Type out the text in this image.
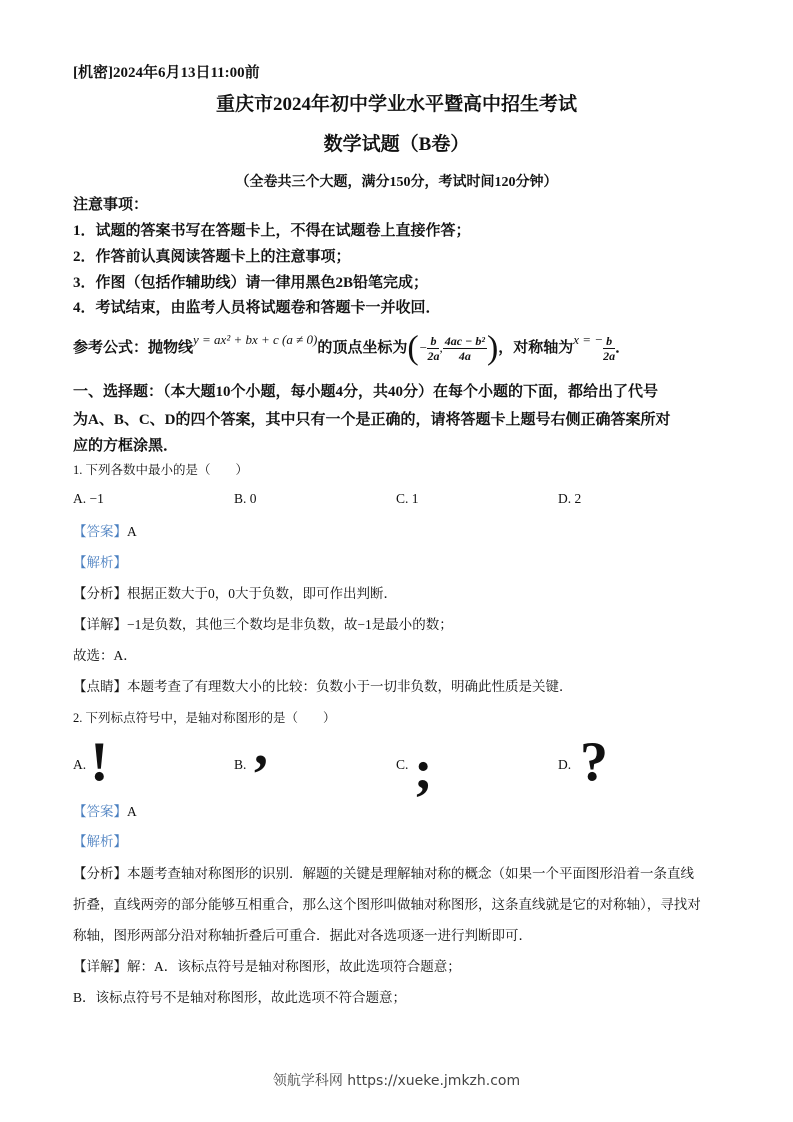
[机密]2024年6月13日11:00前
重庆市2024年初中学业水平暨高中招生考试
数学试题（B卷）
（全卷共三个大题，满分150分，考试时间120分钟）
注意事项：
1．试题的答案书写在答题卡上，不得在试题卷上直接作答；
2．作答前认真阅读答题卡上的注意事项；
3．作图（包括作辅助线）请一律用黑色2B铅笔完成；
4．考试结束，由监考人员将试题卷和答题卡一并收回．
参考公式：抛物线y = ax² + bx + c (a ≠ 0)的顶点坐标为(− $\frac{b}{2a}$ , $\frac{\text{4ac − b²}}{4a}$ )，对称轴为x = − $\frac{b}{2a}$ ．
一、选择题：（本大题10个小题，每小题4分，共40分）在每个小题的下面，都给出了代号
为A、B、C、D的四个答案，其中只有一个是正确的，请将答题卡上题号右侧正确答案所对
应的方框涂黑．
1. 下列各数中最小的是（　　）
A. −1	B. 0	C. 1	D. 2
【答案】A
【解析】
【分析】根据正数大于0，0大于负数，即可作出判断．
【详解】−1是负数，其他三个数均是非负数，故−1是最小的数；
故选：A．
【点睛】本题考查了有理数大小的比较：负数小于一切非负数，明确此性质是关键．
2. 下列标点符号中，是轴对称图形的是（　　）
A. !	B. ,	C. ;	D. ?
【答案】A
【解析】
【分析】本题考查轴对称图形的识别．解题的关键是理解轴对称的概念（如果一个平面图形沿着一条直线
折叠，直线两旁的部分能够互相重合，那么这个图形叫做轴对称图形，这条直线就是它的对称轴），寻找对
称轴，图形两部分沿对称轴折叠后可重合．据此对各选项逐一进行判断即可．
【详解】解：A．该标点符号是轴对称图形，故此选项符合题意；
B．该标点符号不是轴对称图形，故此选项不符合题意；
领航学科网 https://xueke.jmkzh.com
